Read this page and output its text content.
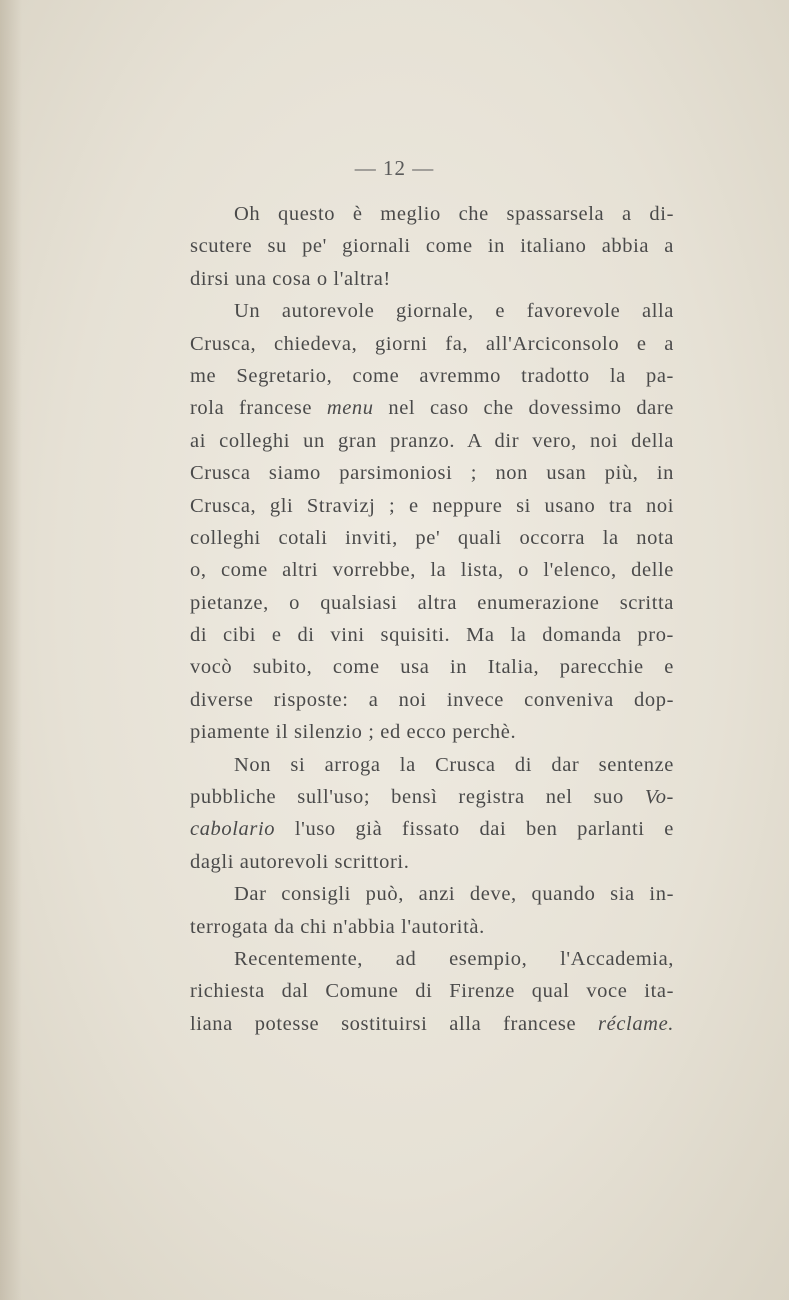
— 12 —

Oh questo è meglio che spassarsela a di-
scutere su pe' giornali come in italiano abbia a
dirsi una cosa o l'altra!
Un autorevole giornale, e favorevole alla
Crusca, chiedeva, giorni fa, all'Arciconsolo e a
me Segretario, come avremmo tradotto la pa-
rola francese menu nel caso che dovessimo dare
ai colleghi un gran pranzo. A dir vero, noi della
Crusca siamo parsimoniosi ; non usan più, in
Crusca, gli Stravizj ; e neppure si usano tra noi
colleghi cotali inviti, pe' quali occorra la nota
o, come altri vorrebbe, la lista, o l'elenco, delle
pietanze, o qualsiasi altra enumerazione scritta
di cibi e di vini squisiti. Ma la domanda pro-
vocò subito, come usa in Italia, parecchie e
diverse risposte: a noi invece conveniva dop-
piamente il silenzio ; ed ecco perchè.
Non si arroga la Crusca di dar sentenze
pubbliche sull'uso; bensì registra nel suo Vo-
cabolario l'uso già fissato dai ben parlanti e
dagli autorevoli scrittori.
Dar consigli può, anzi deve, quando sia in-
terrogata da chi n'abbia l'autorità.
Recentemente, ad esempio, l'Accademia,
richiesta dal Comune di Firenze qual voce ita-
liana potesse sostituirsi alla francese réclame.
